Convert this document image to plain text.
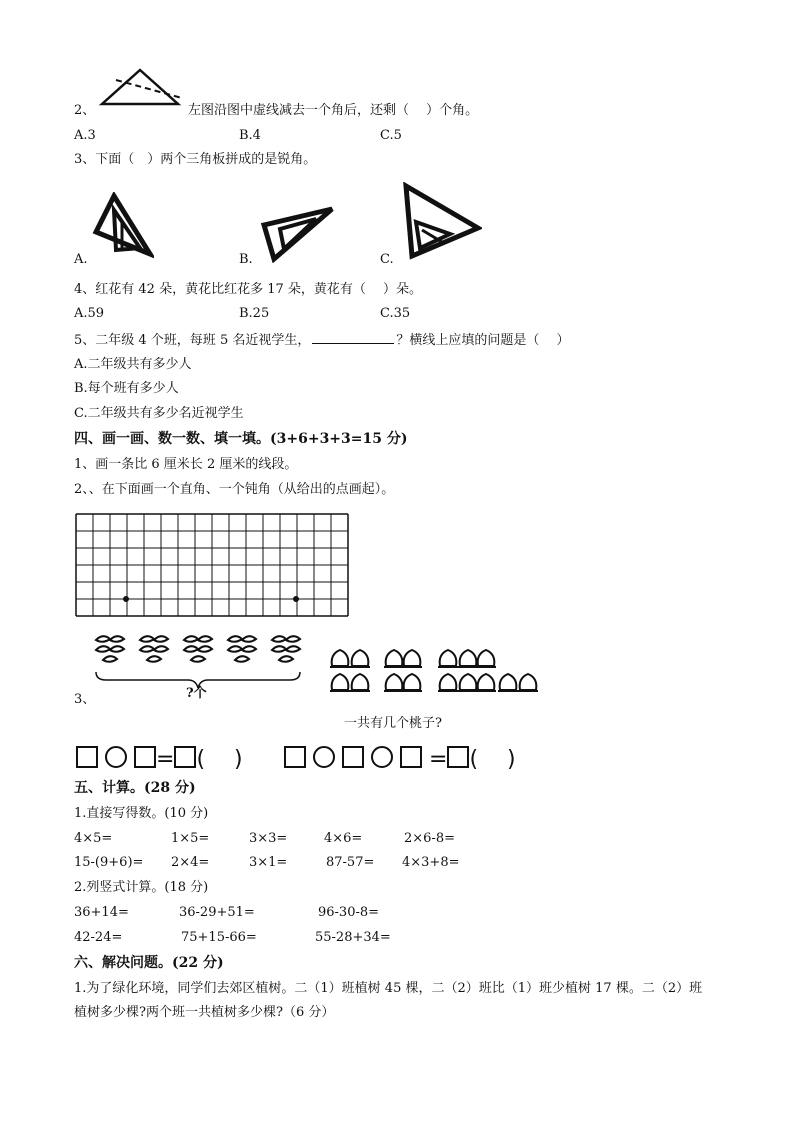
2、	左图沿图中虚线减去一个角后，还剩（　 ）个角。
A.3	B.4	C.5
3、下面（　）两个三角板拼成的是锐角。
A.	B.	C.
4、红花有 42 朵，黄花比红花多 17 朵，黄花有（　 ）朵。
A.59	B.25	C.35
5、二年级 4 个班，每班 5 名近视学生，	？横线上应填的问题是（　 ）
A.二年级共有多少人
B.每个班有多少人
C.二年级共有多少名近视学生
四、画一画、数一数、填一填。(3+6+3+3=15 分)
1、画一条比 6 厘米长 2 厘米的线段。
2、、在下面画一个直角、一个钝角（从给出的点画起）。
?个
3、
一共有几个桃子?
= (　 )	= (　 )
五、计算。(28 分)
1.直接写得数。(10 分)
4×5=	1×5=	3×3=	4×6=	2×6-8=
15-(9+6)= 2×4=	3×1=	87-57= 4×3+8=
2.列竖式计算。(18 分)
36+14=	36-29+51=	96-30-8=
42-24=	75+15-66=	55-28+34=
六、解决问题。(22 分)
1.为了绿化环境，同学们去郊区植树。二（1）班植树 45 棵，二（2）班比（1）班少植树 17 棵。二（2）班
植树多少棵?两个班一共植树多少棵?（6 分）
